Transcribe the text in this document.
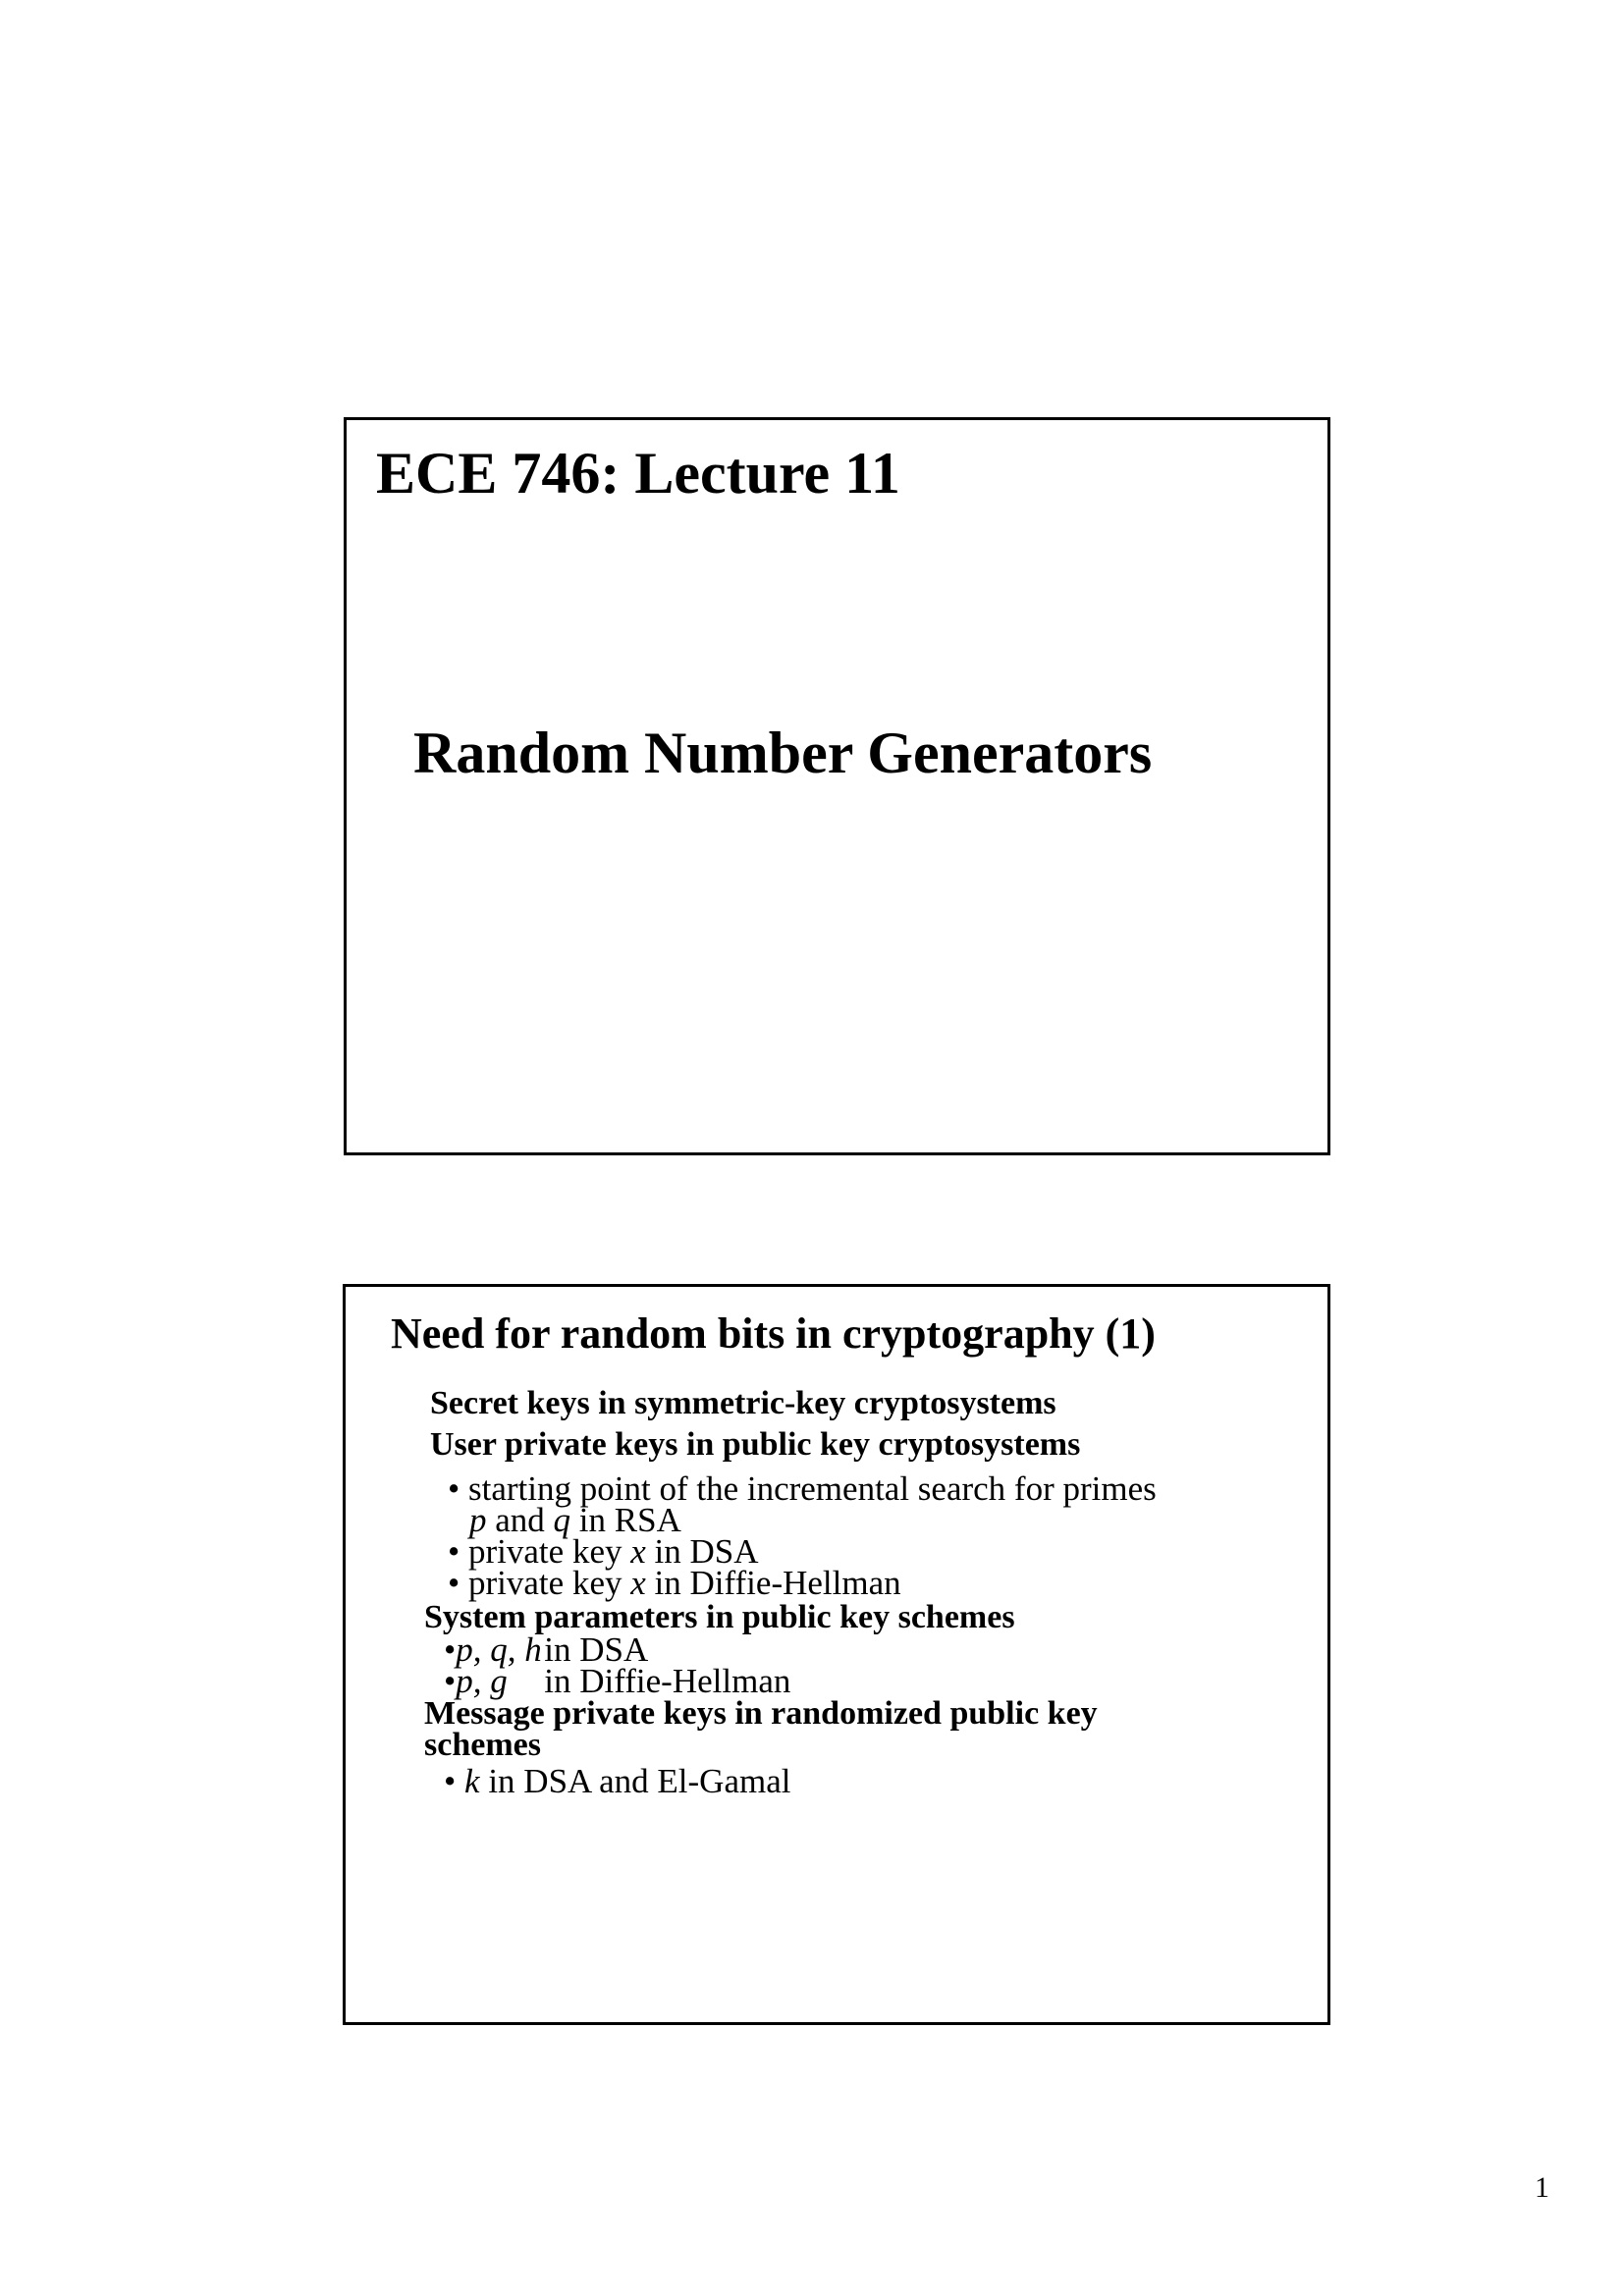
ECE 746: Lecture 11
Random Number Generators
Need for random bits in cryptography (1)
Secret keys in symmetric-key cryptosystems
User private keys in public key cryptosystems
• starting point of the incremental search for primes
p and q in RSA
• private key x in DSA
• private key x in Diffie-Hellman
System parameters in public key schemes
•p, q, hin DSA
•p, g in Diffie-Hellman
Message private keys in randomized public key
schemes
• k in DSA and El-Gamal
1
